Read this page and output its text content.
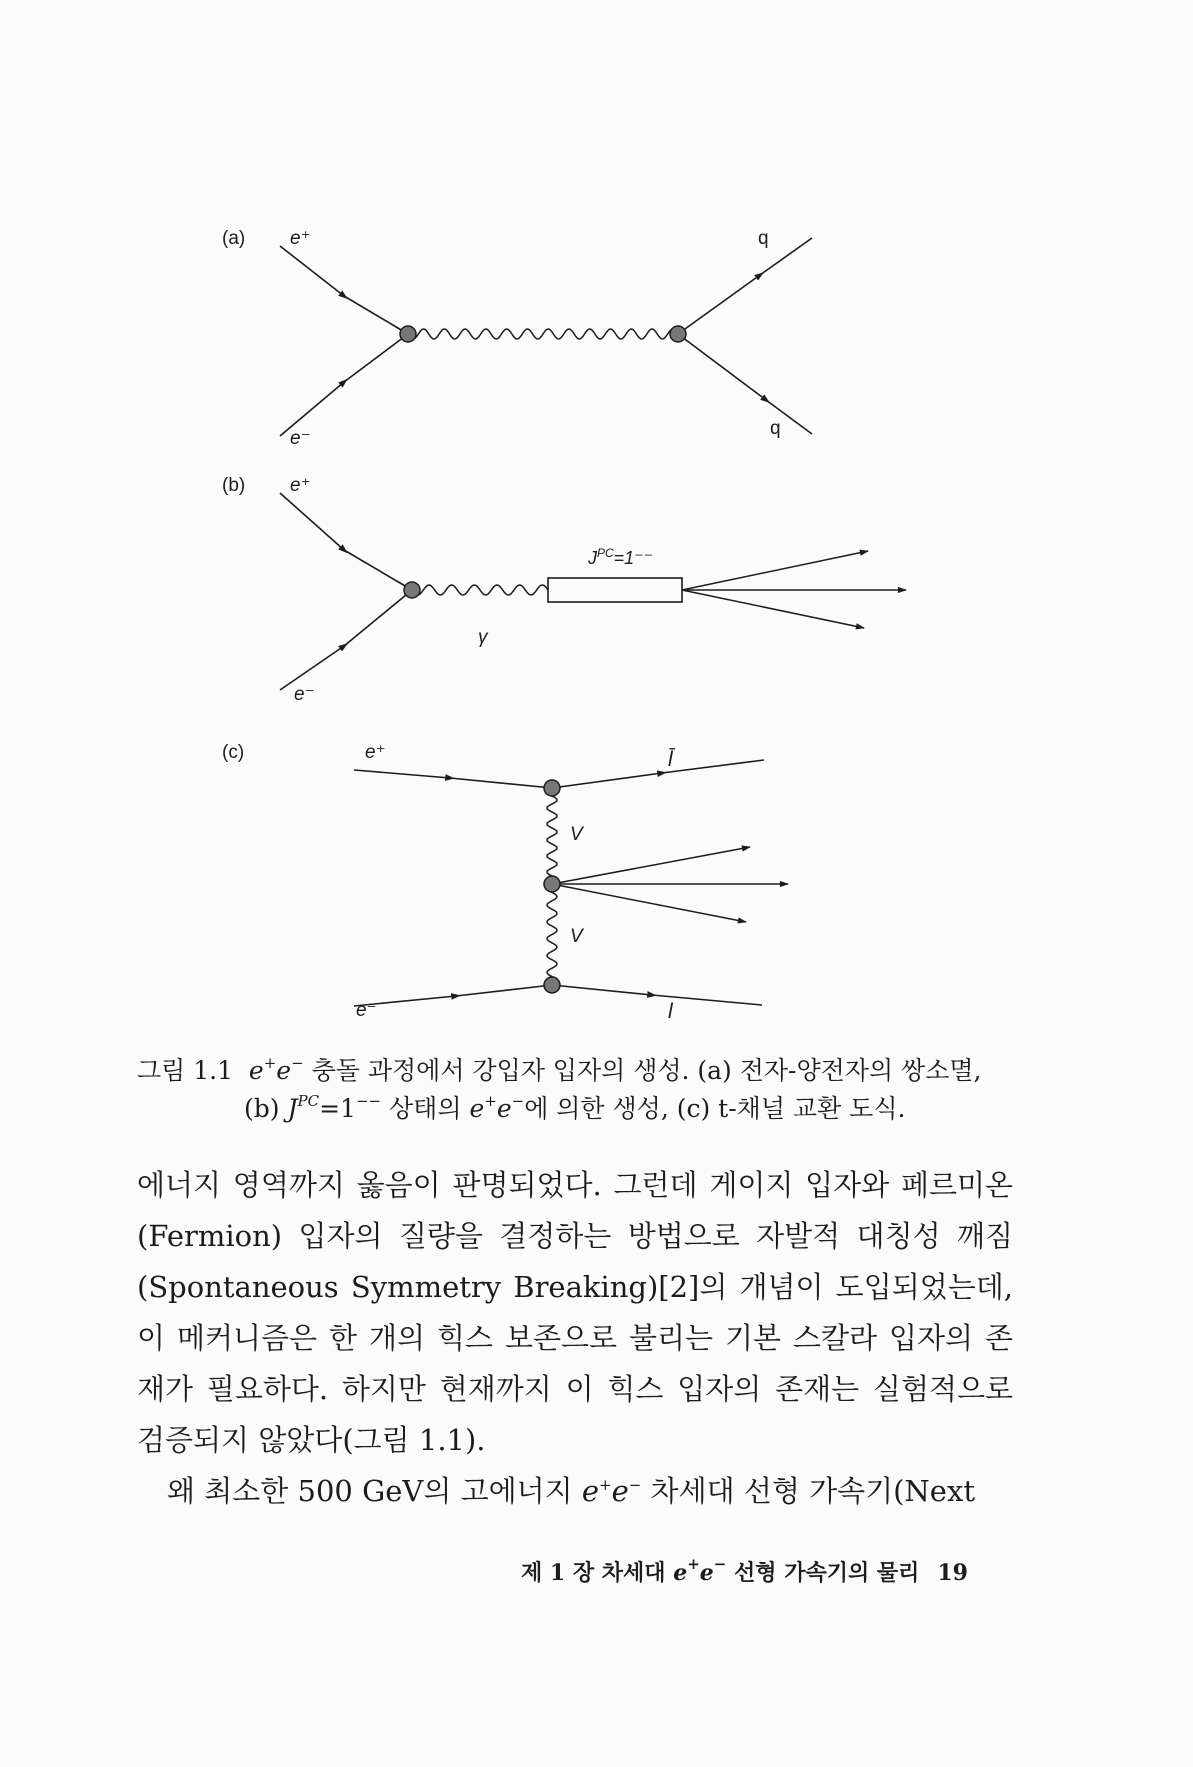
(a) e⁺
e⁻
q
q
(b) e⁺
e⁻
γ
$J^{PC}=1^{--}$
(c)	e⁺
e⁻
l̄
l
V
V
그림 1.1 e+e− 충돌 과정에서 강입자 입자의 생성. (a) 전자-양전자의 쌍소멸,
(b) $J^{PC}=1^{--}$ 상태의 e+e−에 의한 생성, (c) t-채널 교환 도식.

에너지 영역까지 옳음이 판명되었다. 그런데 게이지 입자와 페르미온(Fermion) 입자의 질량을 결정하는 방법으로 자발적 대칭성 깨짐(Spontaneous Symmetry Breaking)[2]의 개념이 도입되었는데, 이 메커니즘은 한 개의 힉스 보존으로 불리는 기본 스칼라 입자의 존재가 필요하다. 하지만 현재까지 이 힉스 입자의 존재는 실험적으로 검증되지 않았다(그림 1.1).

왜 최소한 500 GeV의 고에너지 e+e− 차세대 선형 가속기(Next

제 1 장 차세대 e+e− 선형 가속기의 물리 19
